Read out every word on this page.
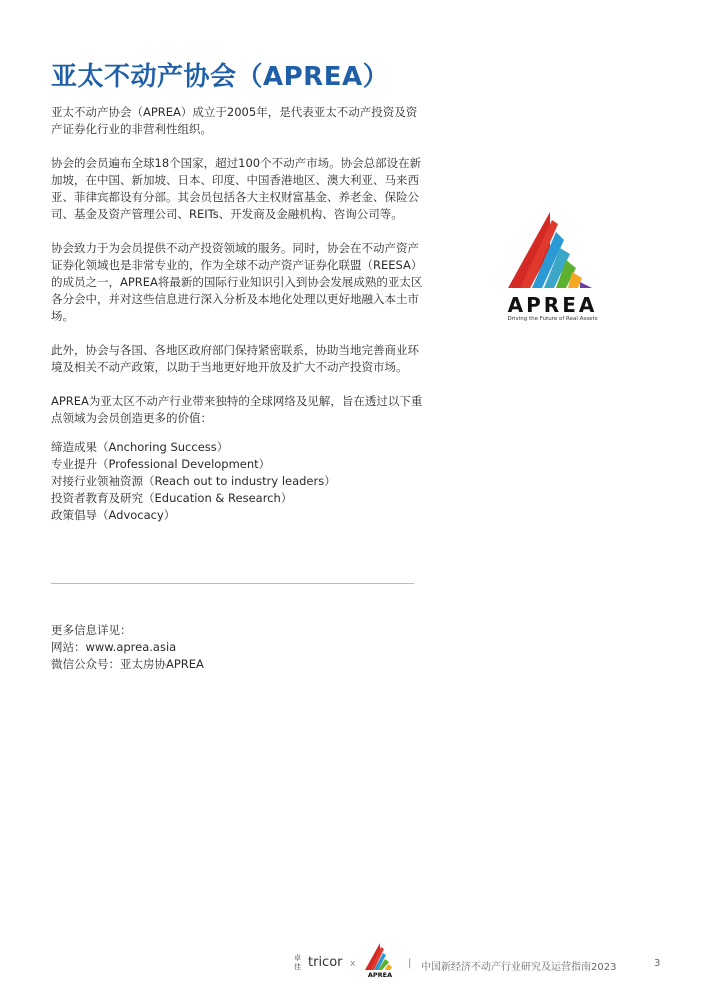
亚太不动产协会（APREA）

亚太不动产协会（APREA）成立于2005年，是代表亚太不动产投资及资产证券化行业的非营利性组织。

协会的会员遍布全球18个国家，超过100个不动产市场。协会总部设在新加坡，在中国、新加坡、日本、印度、中国香港地区、澳大利亚、马来西亚、菲律宾都设有分部。其会员包括各大主权财富基金、养老金、保险公司、基金及资产管理公司、REITs、开发商及金融机构、咨询公司等。

协会致力于为会员提供不动产投资领域的服务。同时，协会在不动产资产证券化领域也是非常专业的，作为全球不动产资产证券化联盟（REESA）的成员之一，APREA将最新的国际行业知识引入到协会发展成熟的亚太区各分会中，并对这些信息进行深入分析及本地化处理以更好地融入本土市场。

此外，协会与各国、各地区政府部门保持紧密联系，协助当地完善商业环境及相关不动产政策，以助于当地更好地开放及扩大不动产投资市场。

APREA为亚太区不动产行业带来独特的全球网络及见解，旨在透过以下重点领域为会员创造更多的价值：

缔造成果（Anchoring Success）
专业提升（Professional Development）
对接行业领袖资源（Reach out to industry leaders）
投资者教育及研究（Education & Research）
政策倡导（Advocacy）
更多信息详见：
网站：www.aprea.asia
微信公众号：亚太房协APREA
APREA
Driving the Future of Real Assets
卓
佳 tricor x
APREA
| 中国新经济不动产行业研究及运营指南2023	3
